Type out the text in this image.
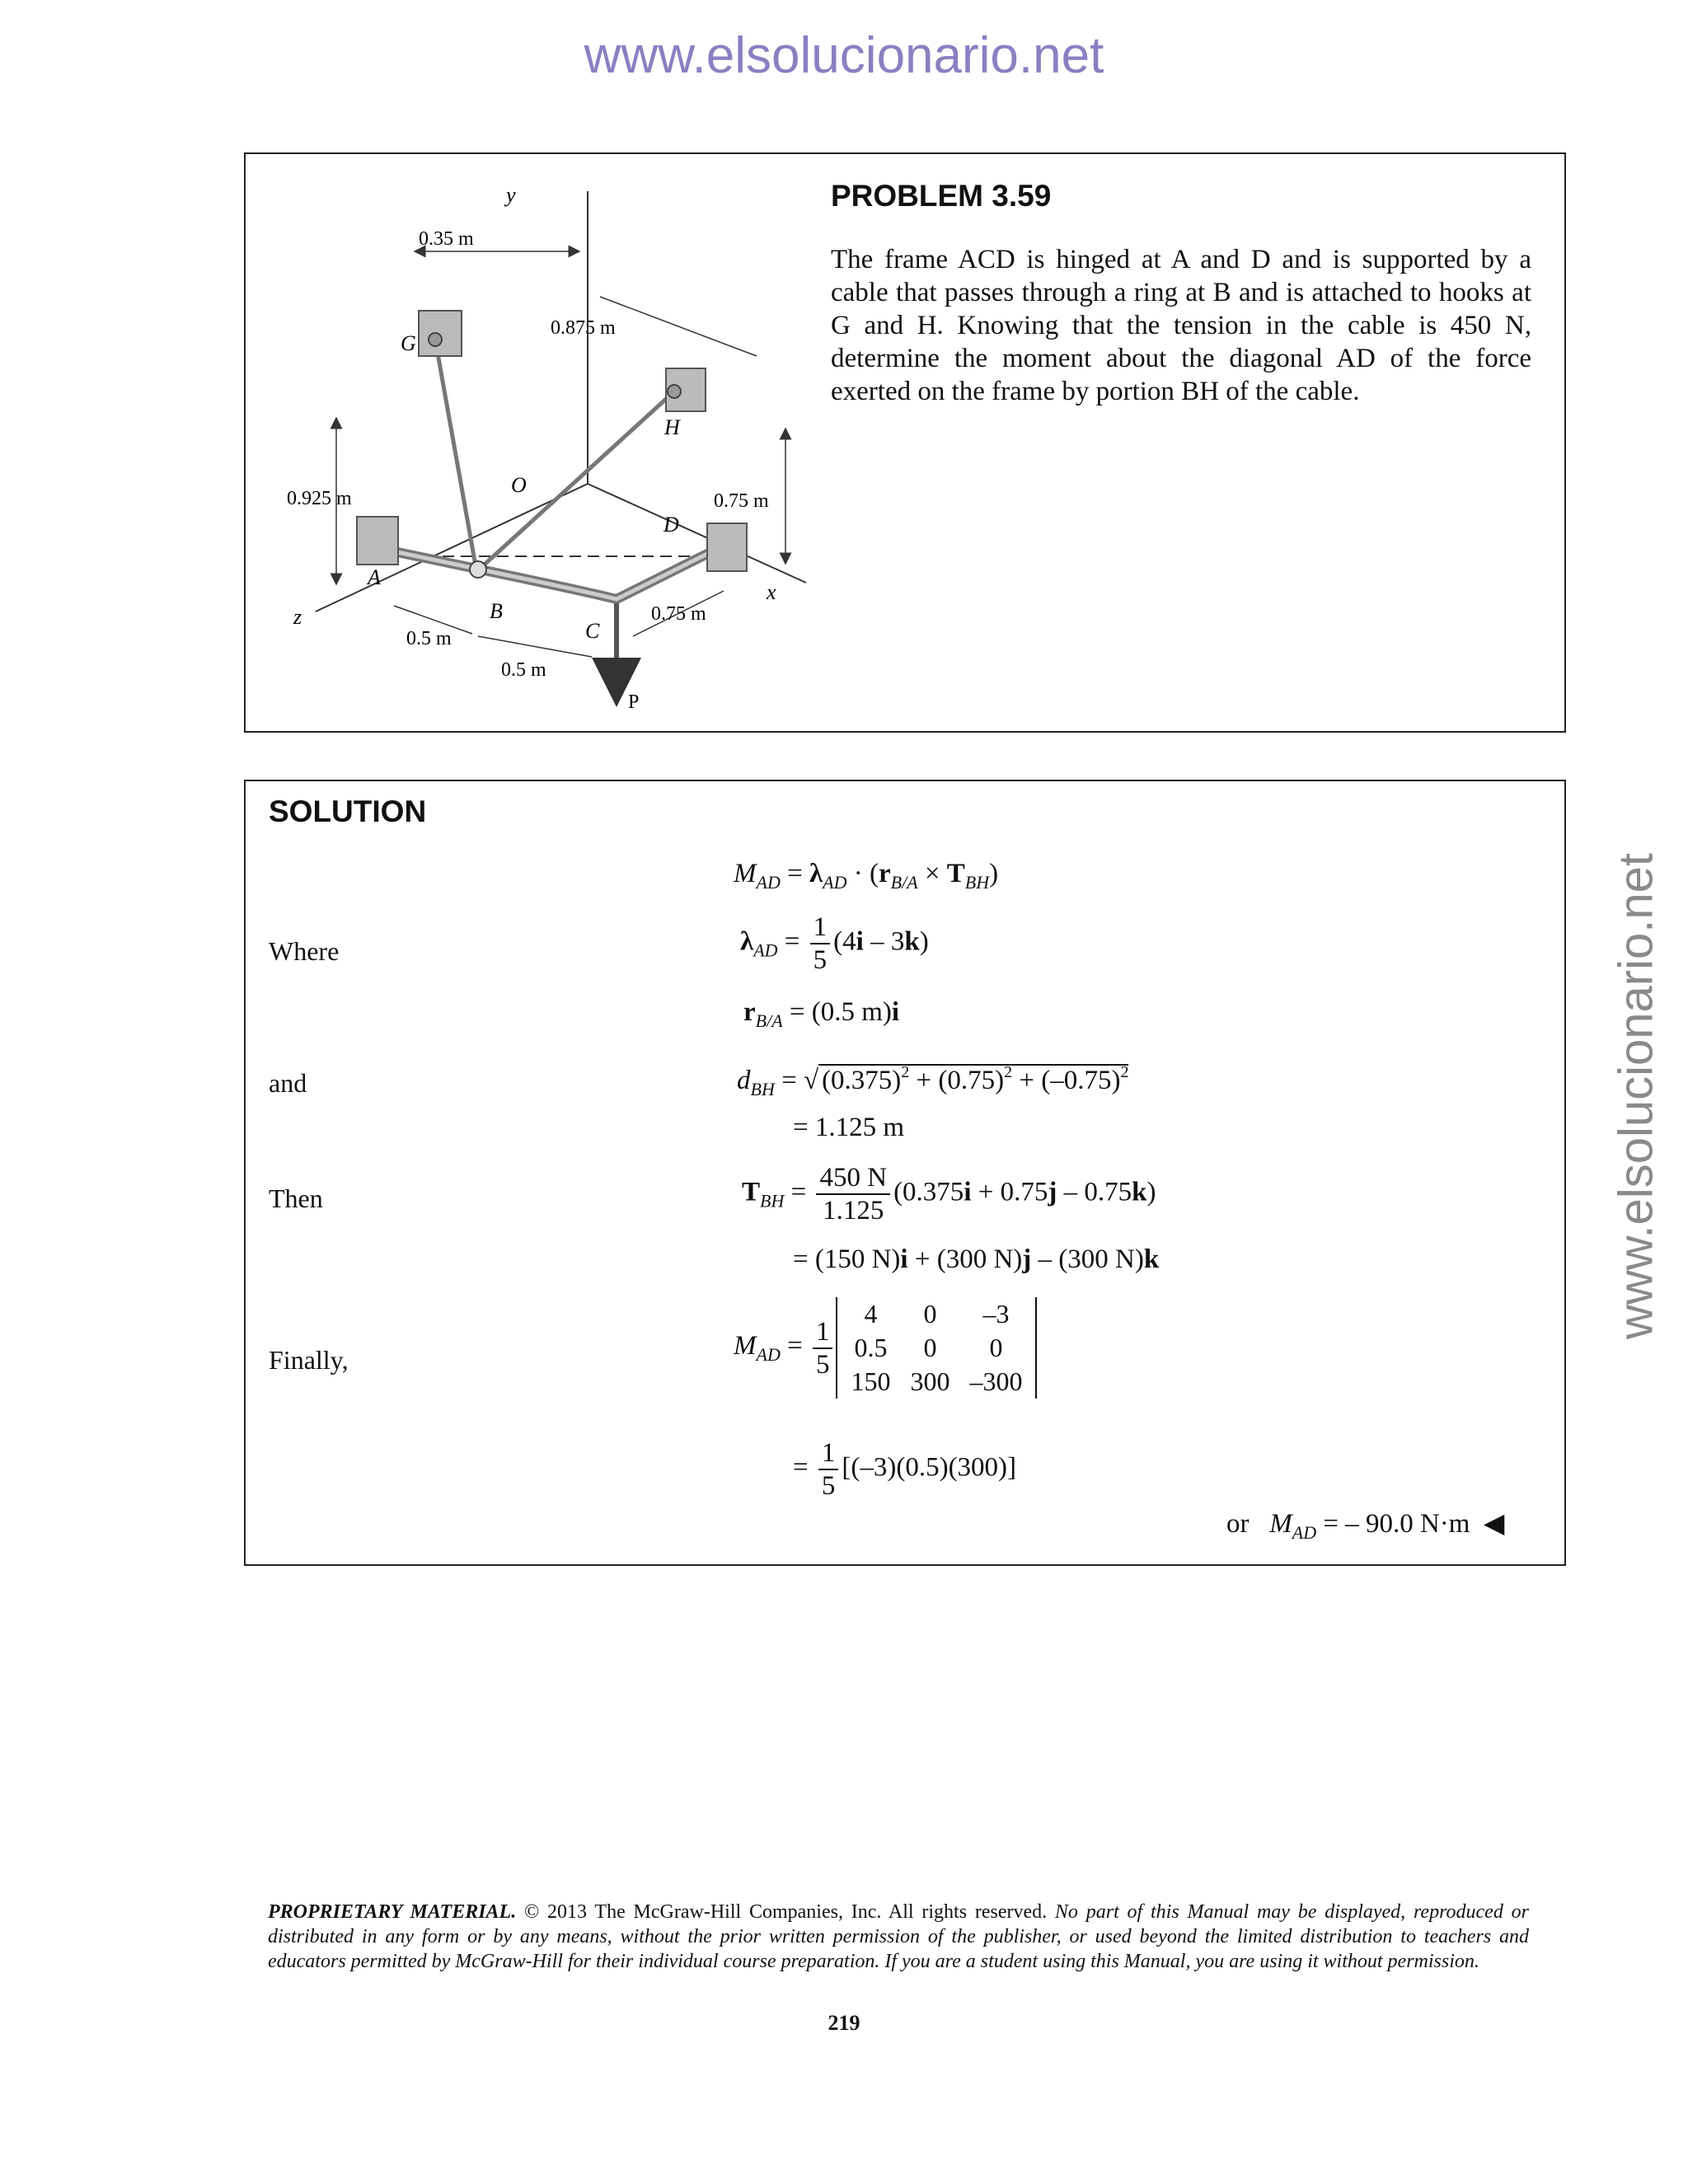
www.elsolucionario.net
www.elsolucionario.net
y
x
z
O
A
B
C
D
G
H
P
0.35 m
0.875 m
0.925 m	0.75 m
0.75 m
0.5 m
0.5 m
PROBLEM 3.59
The frame ACD is hinged at A and D and is supported by a cable that passes through a ring at B and is attached to hooks at G and H. Knowing that the tension in the cable is 450 N, determine the moment about the diagonal AD of the force exerted on the frame by portion BH of the cable.
SOLUTION
$M_{AD} = \lambda_{AD} \cdot (r_{B/A} \times T_{BH})$
Where	$\lambda_{AD} = \frac{1}{5} (4i - 3k)$
$r_{B/A} = (0.5$ m)i
and	$d_{BH}$ = √ $(0.375)^2 + (0.75)^2 + (-0.75)^2$
= 1.125 m
Then	$T_{BH} = \frac{450 N}{1.125} (0.375i + 0.75j - 0.75k)$
= (150 N)i + (300 N)j – (300 N)k
Finally,	$M_{AD} = \frac{1}{5}$
4	0	–3
0.5	0	0
150	300	–300
= $\frac{1}{5} [(-3)(0.5)(300)]$
or $M_{AD}$ = – 90.0 N·m ◀
PROPRIETARY MATERIAL. © 2013 The McGraw-Hill Companies, Inc. All rights reserved. No part of this Manual may be displayed, reproduced or distributed in any form or by any means, without the prior written permission of the publisher, or used beyond the limited distribution to teachers and educators permitted by McGraw-Hill for their individual course preparation. If you are a student using this Manual, you are using it without permission.
219
